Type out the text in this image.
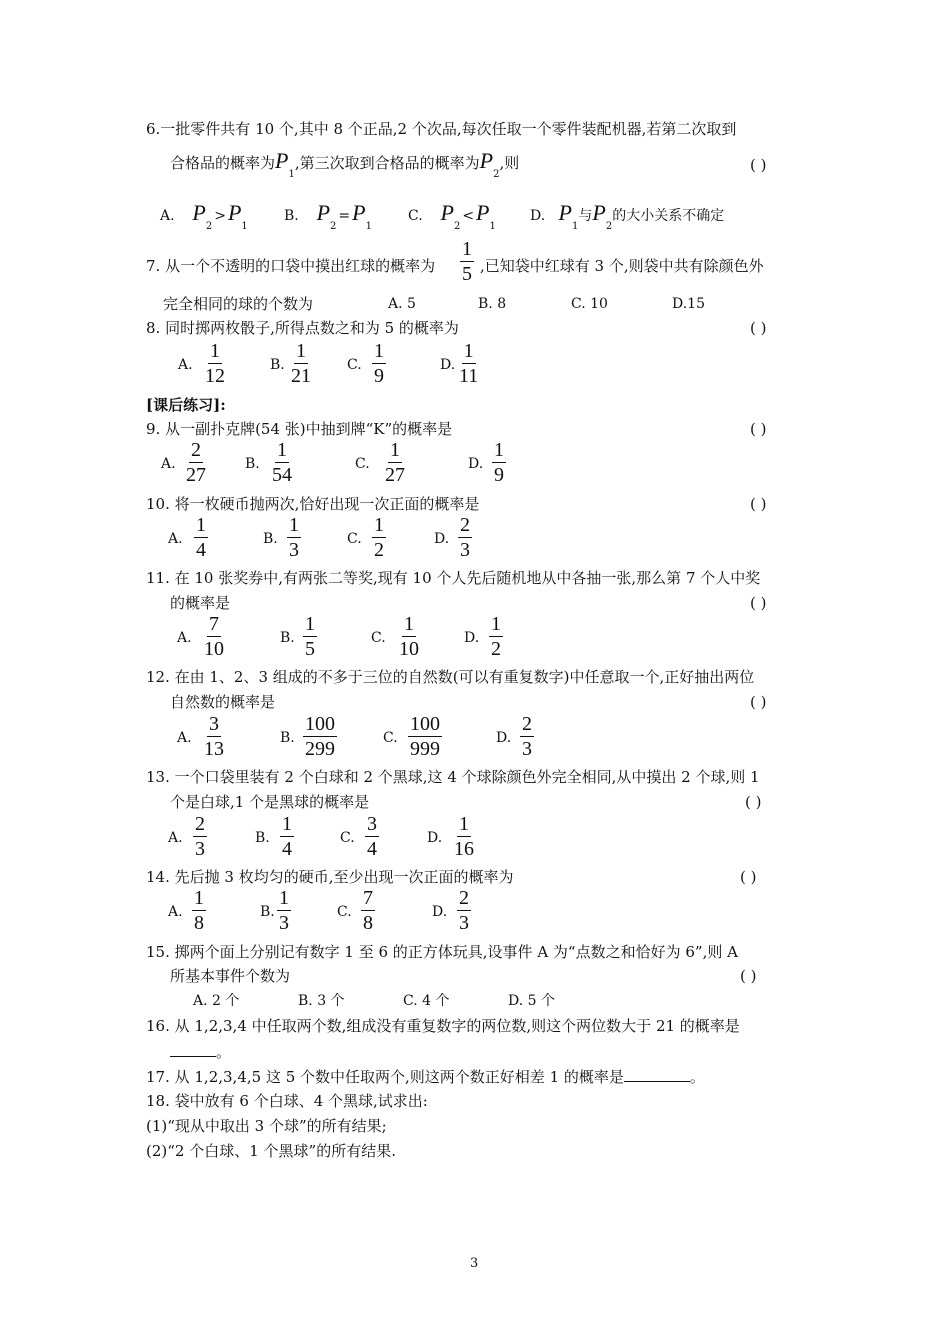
6.一批零件共有 10 个,其中 8 个正品,2 个次品,每次任取一个零件装配机器,若第二次取到
合格品的概率为$P_1$,第三次取到合格品的概率为$P_2$,则	( )
A. $P_2>P_1$
B. $P_2=P_1$
C. $P_2<P_1$
D. $P_1$与$P_2$的大小关系不确定
7. 从一个不透明的口袋中摸出红球的概率为 $\frac{1}{5}$ ,已知袋中红球有 3 个,则袋中共有除颜色外
完全相同的球的个数为	A. 5	B. 8	C. 10	D.15
8. 同时掷两枚骰子,所得点数之和为 5 的概率为	( )
A. $\frac{1}{12}$	B. $\frac{1}{21} C$. $\frac{1}{9}$	D. $\frac{1}{11}$
[课后练习]:
9. 从一副扑克牌(54 张)中抽到牌“K”的概率是	( )
A. $\frac{2}{27}$	B. $\frac{1}{54}$	C. $\frac{1}{27}$	D. $\frac{1}{9}$
10. 将一枚硬币抛两次,恰好出现一次正面的概率是	( )
A. $\frac{1}{4}$	B. $\frac{1}{3}$	C. $\frac{1}{2}$	D. $\frac{2}{3}$
11. 在 10 张奖券中,有两张二等奖,现有 10 个人先后随机地从中各抽一张,那么第 7 个人中奖
的概率是	( )
A. $\frac{7}{10}$	B. $\frac{1}{5}$	C. $\frac{1}{10}$	D. $\frac{1}{2}$
12. 在由 1、2、3 组成的不多于三位的自然数(可以有重复数字)中任意取一个,正好抽出两位
自然数的概率是	( )
A. $\frac{3}{13}$	B. $\frac{100}{299}$	C. $\frac{100}{999}$	D. $\frac{2}{3}$
13. 一个口袋里装有 2 个白球和 2 个黑球,这 4 个球除颜色外完全相同,从中摸出 2 个球,则 1
个是白球,1 个是黑球的概率是	( )
A. $\frac{2}{3}$	B. $\frac{1}{4}$	C. $\frac{3}{4}$	D. $\frac{1}{16}$
14. 先后抛 3 枚均匀的硬币,至少出现一次正面的概率为	( )
A. $\frac{1}{8}$	B. $\frac{1}{3}$	C. $\frac{7}{8}$	D. $\frac{2}{3}$
15. 掷两个面上分别记有数字 1 至 6 的正方体玩具,设事件 A 为“点数之和恰好为 6”,则 A
所基本事件个数为	( )
A. 2 个	B. 3 个	C. 4 个	D. 5 个
16. 从 1,2,3,4 中任取两个数,组成没有重复数字的两位数,则这个两位数大于 21 的概率是
。
17. 从 1,2,3,4,5 这 5 个数中任取两个,则这两个数正好相差 1 的概率是	。
18. 袋中放有 6 个白球、4 个黑球,试求出:
(1)“现从中取出 3 个球”的所有结果;
(2)“2 个白球、1 个黑球”的所有结果.
3
